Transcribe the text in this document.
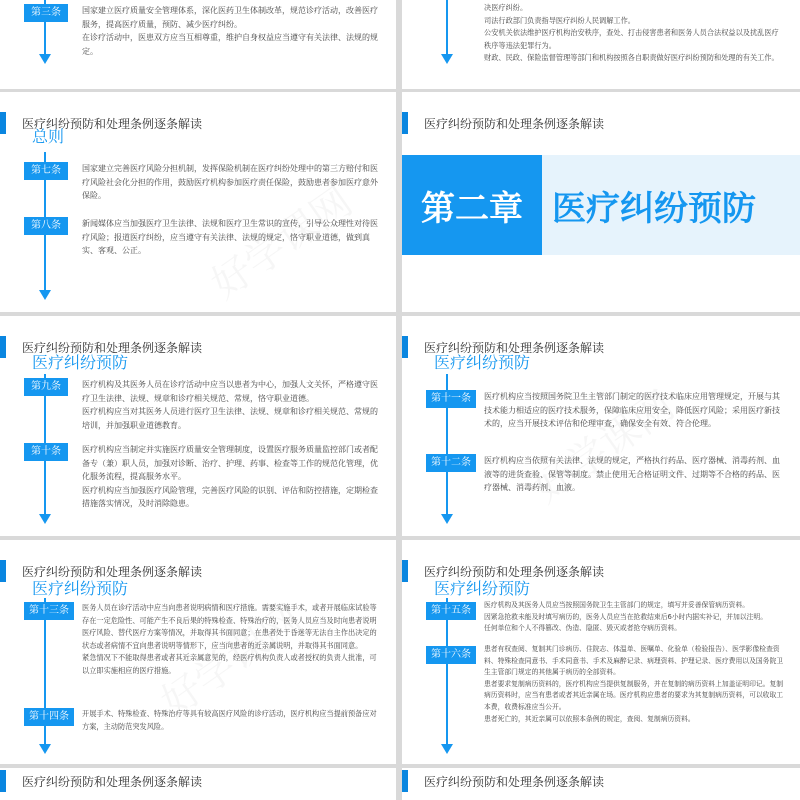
第三条	国家建立医疗质量安全管理体系，深化医药卫生体制改革，规范诊疗活动，改善医疗服务，提高医疗质量，预防、减少医疗纠纷。

在诊疗活动中，医患双方应当互相尊重，维护自身权益应当遵守有关法律、法规的规定。

决医疗纠纷。

司法行政部门负责指导医疗纠纷人民调解工作。

公安机关依法维护医疗机构治安秩序，查处、打击侵害患者和医务人员合法权益以及扰乱医疗秩序等违法犯罪行为。

财政、民政、保险监督管理等部门和机构按照各自职责做好医疗纠纷预防和处理的有关工作。

医疗纠纷预防和处理条例逐条解读
总则
第七条	国家建立完善医疗风险分担机制，发挥保险机制在医疗纠纷处理中的第三方赔付和医疗风险社会化分担的作用，鼓励医疗机构参加医疗责任保险，鼓励患者参加医疗意外保险。

第八条	新闻媒体应当加强医疗卫生法律、法规和医疗卫生常识的宣传，引导公众理性对待医疗风险；报道医疗纠纷，应当遵守有关法律、法规的规定，恪守职业道德，做到真实、客观、公正。

医疗纠纷预防和处理条例逐条解读
第二章 医疗纠纷预防
医疗纠纷预防和处理条例逐条解读
医疗纠纷预防
第九条	医疗机构及其医务人员在诊疗活动中应当以患者为中心，加强人文关怀，严格遵守医疗卫生法律、法规、规章和诊疗相关规范、常规，恪守职业道德。

医疗机构应当对其医务人员进行医疗卫生法律、法规、规章和诊疗相关规范、常规的培训，并加强职业道德教育。

第十条	医疗机构应当制定并实施医疗质量安全管理制度，设置医疗服务质量监控部门或者配备专（兼）职人员，加强对诊断、治疗、护理、药事、检查等工作的规范化管理，优化服务流程，提高服务水平。

医疗机构应当加强医疗风险管理，完善医疗风险的识别、评估和防控措施，定期检查措施落实情况，及时消除隐患。

医疗纠纷预防和处理条例逐条解读
医疗纠纷预防
第十一条	医疗机构应当按照国务院卫生主管部门制定的医疗技术临床应用管理规定，开展与其技术能力相适应的医疗技术服务，保障临床应用安全，降低医疗风险；采用医疗新技术的，应当开展技术评估和伦理审查，确保安全有效、符合伦理。

第十二条	医疗机构应当依照有关法律、法规的规定，严格执行药品、医疗器械、消毒药剂、血液等的进货查验、保管等制度。禁止使用无合格证明文件、过期等不合格的药品、医疗器械、消毒药剂、血液。

医疗纠纷预防和处理条例逐条解读
医疗纠纷预防
第十三条	医务人员在诊疗活动中应当向患者说明病情和医疗措施。需要实施手术，或者开展临床试验等存在一定危险性、可能产生不良后果的特殊检查、特殊治疗的，医务人员应当及时向患者说明医疗风险、替代医疗方案等情况，并取得其书面同意；在患者处于昏迷等无法自主作出决定的状态或者病情不宜向患者说明等情形下，应当向患者的近亲属说明，并取得其书面同意。

紧急情况下不能取得患者或者其近亲属意见的，经医疗机构负责人或者授权的负责人批准，可以立即实施相应的医疗措施。

第十四条	开展手术、特殊检查、特殊治疗等具有较高医疗风险的诊疗活动，医疗机构应当提前预备应对方案，主动防范突发风险。

医疗纠纷预防和处理条例逐条解读
医疗纠纷预防
第十五条	医疗机构及其医务人员应当按照国务院卫生主管部门的规定，填写并妥善保管病历资料。

因紧急抢救未能及时填写病历的，医务人员应当在抢救结束后6小时内据实补记，并加以注明。

任何单位和个人不得篡改、伪造、隐匿、毁灭或者抢夺病历资料。

第十六条	患者有权查阅、复制其门诊病历、住院志、体温单、医嘱单、化验单（检验报告）、医学影像检查资料、特殊检查同意书、手术同意书、手术及麻醉记录、病理资料、护理记录、医疗费用以及国务院卫生主管部门规定的其他属于病历的全部资料。

患者要求复制病历资料的，医疗机构应当提供复制服务，并在复制的病历资料上加盖证明印记。复制病历资料时，应当有患者或者其近亲属在场。医疗机构应患者的要求为其复制病历资料，可以收取工本费，收费标准应当公开。

患者死亡的，其近亲属可以依照本条例的规定，查阅、复制病历资料。

医疗纠纷预防和处理条例逐条解读	医疗纠纷预防和处理条例逐条解读
